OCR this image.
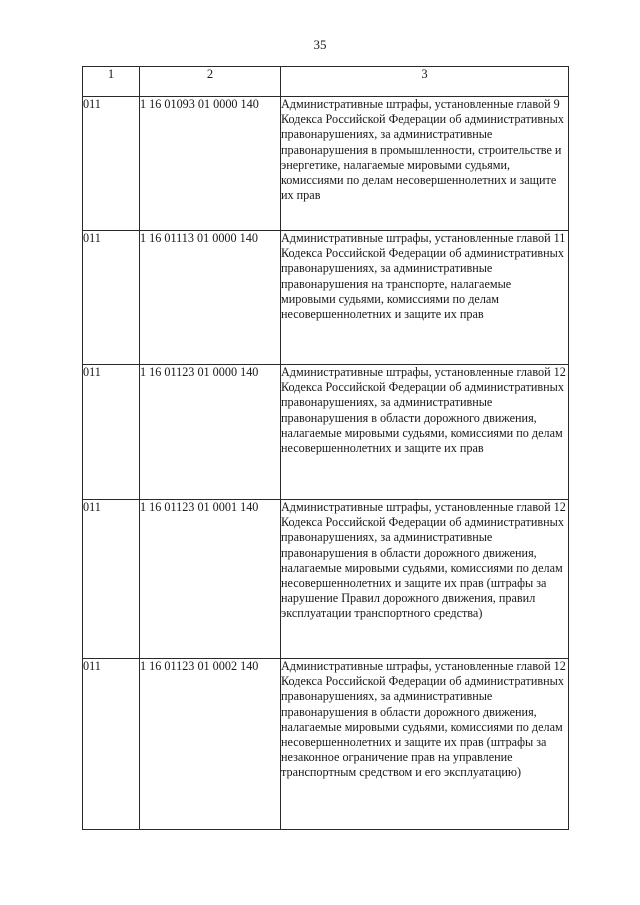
35
1	2	3
011	1 16 01093 01 0000 140	Административные штрафы, установленные главой 9 Кодекса Российской Федерации об административных правонарушениях, за административные правонарушения в промышленности, строительстве и энергетике, налагаемые мировыми судьями, комиссиями по делам несовершеннолетних и защите их прав
011	1 16 01113 01 0000 140	Административные штрафы, установленные главой 11 Кодекса Российской Федерации об административных правонарушениях, за административные правонарушения на транспорте, налагаемые мировыми судьями, комиссиями по делам несовершеннолетних и защите их прав
011	1 16 01123 01 0000 140	Административные штрафы, установленные главой 12 Кодекса Российской Федерации об административных правонарушениях, за административные правонарушения в области дорожного движения, налагаемые мировыми судьями, комиссиями по делам несовершеннолетних и защите их прав
011	1 16 01123 01 0001 140	Административные штрафы, установленные главой 12 Кодекса Российской Федерации об административных правонарушениях, за административные правонарушения в области дорожного движения, налагаемые мировыми судьями, комиссиями по делам несовершеннолетних и защите их прав (штрафы за нарушение Правил дорожного движения, правил эксплуатации транспортного средства)
011	1 16 01123 01 0002 140	Административные штрафы, установленные главой 12 Кодекса Российской Федерации об административных правонарушениях, за административные правонарушения в области дорожного движения, налагаемые мировыми судьями, комиссиями по делам несовершеннолетних и защите их прав (штрафы за незаконное ограничение прав на управление транспортным средством и его эксплуатацию)
